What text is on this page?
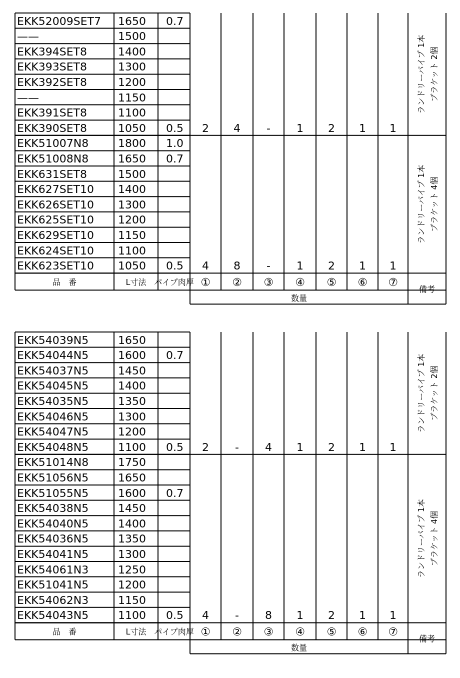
EKK52009SET7 1650 0.7
——	1500
EKK394SET8	1400
EKK393SET8	1300
EKK392SET8	1200
——	1150
EKK391SET8	1100
EKK390SET8	1050 0.5 2 4 - 1 2 1 1
ランドリーパイプ 1本 ブラケット 2個
EKK51007N8	1800 1.0
EKK51008N8	1650 0.7
EKK631SET8	1500
EKK627SET10 1400
EKK626SET10 1300
EKK625SET10 1200
EKK629SET10 1150
EKK624SET10 1100
EKK623SET10 1050 0.5 4 8 - 1 2 1 1
ランドリーパイプ 1本 ブラケット 4個
品　番	L寸法 パイプ肉厚 ① ② ③ ④ ⑤ ⑥ ⑦
数量
備考
EKK54039N5	1650
EKK54044N5	1600 0.7
EKK54037N5	1450
EKK54045N5	1400
EKK54035N5	1350
EKK54046N5	1300
EKK54047N5	1200
EKK54048N5	1100 0.5 2 - 4 1 2 1 1
ランドリーパイプ 1本 ブラケット 2個
EKK51014N8	1750
EKK51056N5	1650
EKK51055N5	1600 0.7
EKK54038N5	1450
EKK54040N5	1400
EKK54036N5	1350
EKK54041N5	1300
EKK54061N3	1250
EKK51041N5	1200
EKK54062N3	1150
EKK54043N5	1100 0.5 4 - 8 1 2 1 1
ランドリーパイプ 1本 ブラケット 4個
品　番	L寸法 パイプ肉厚 ① ② ③ ④ ⑤ ⑥ ⑦
数量
備考
